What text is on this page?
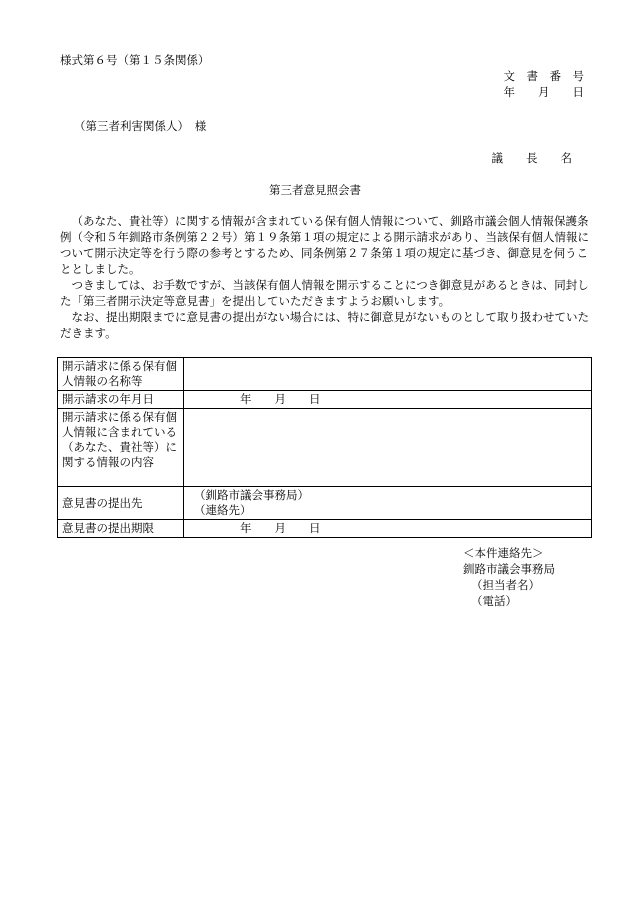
様式第６号（第１５条関係）
文　書　番　号
年　　月　　日
（第三者利害関係人）　様
議　　長　　名
第三者意見照会書

（あなた、貴社等）に関する情報が含まれている保有個人情報について、釧路市議会個人情報保護条例（令和５年釧路市条例第２２号）第１９条第１項の規定による開示請求があり、当該保有個人情報について開示決定等を行う際の参考とするため、同条例第２７条第１項の規定に基づき、御意見を伺うこととしました。

つきましては、お手数ですが、当該保有個人情報を開示することにつき御意見があるときは、同封した「第三者開示決定等意見書」を提出していただきますようお願いします。

なお、提出期限までに意見書の提出がない場合には、特に御意見がないものとして取り扱わせていただきます。

開示請求に係る保有個人情報の名称等	
開示請求の年月日	年　　月　　日
開示請求に係る保有個人情報に含まれている（あなた、貴社等）に関する情報の内容	
意見書の提出先	（釧路市議会事務局）
（連絡先）

意見書の提出期限	年　　月　　日
＜本件連絡先＞
釧路市議会事務局
（担当者名）
（電話）
